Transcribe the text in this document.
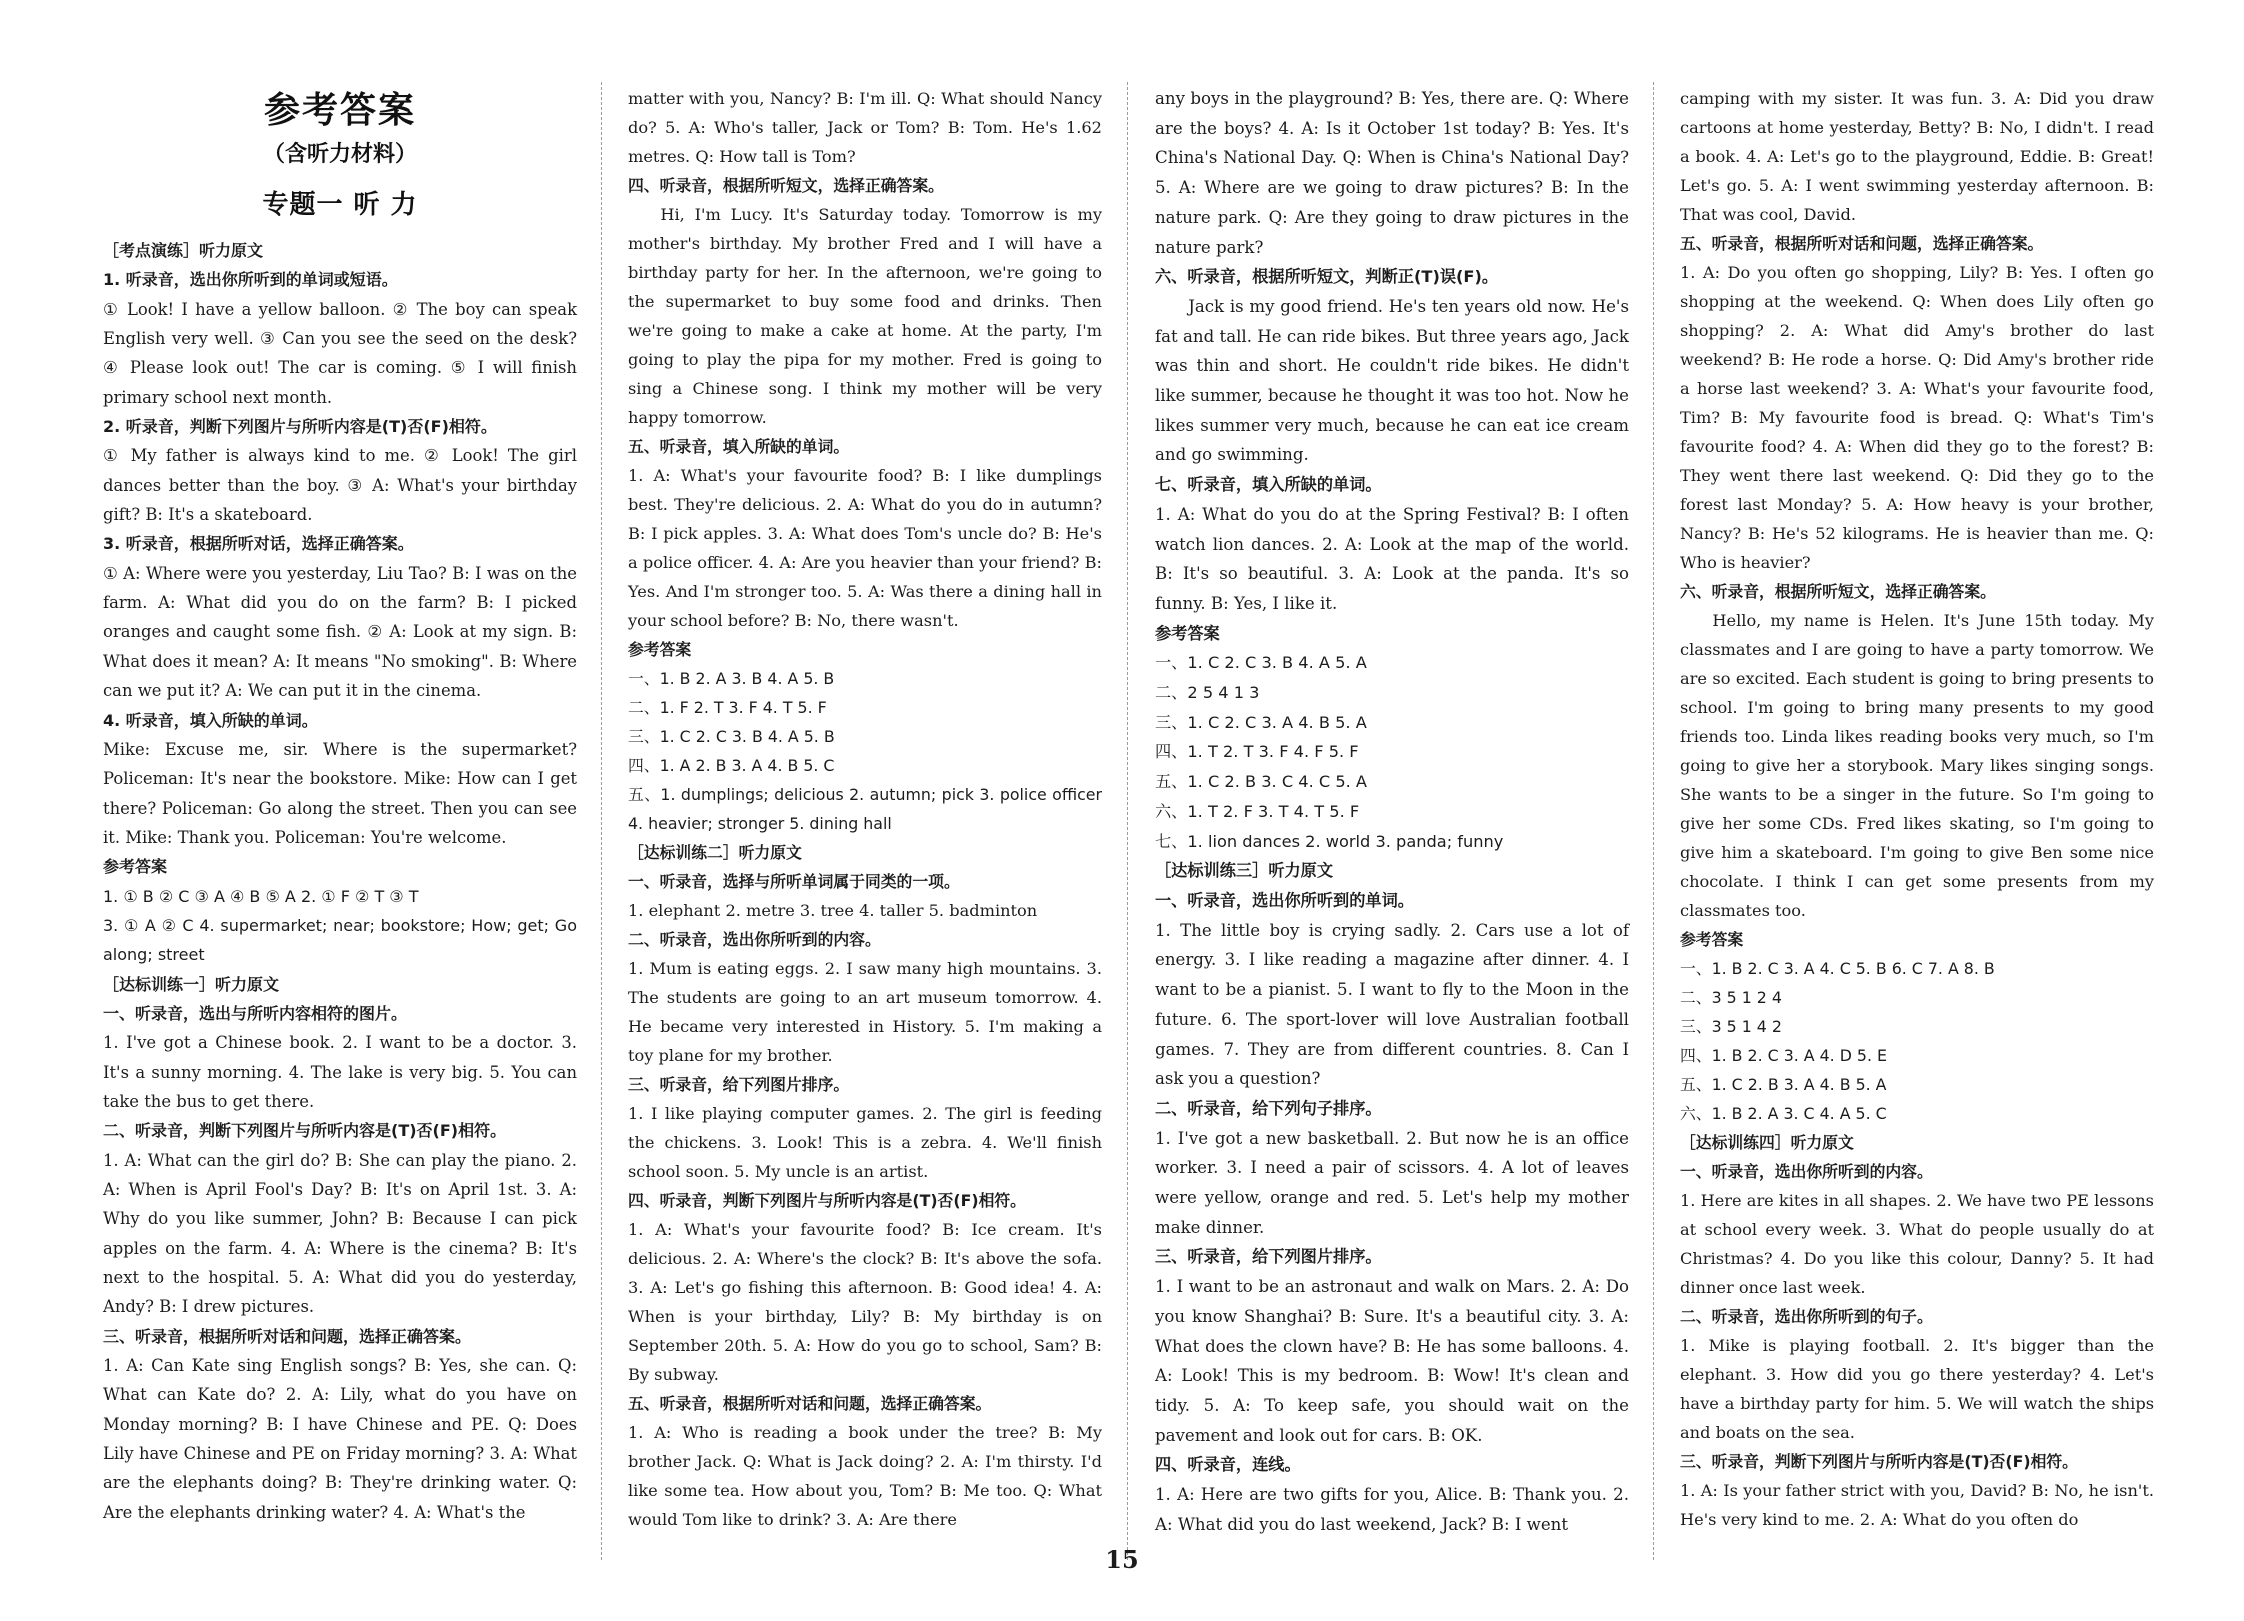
参考答案
（含听力材料）
专题一 听 力

［考点演练］听力原文

1. 听录音，选出你所听到的单词或短语。

① Look! I have a yellow balloon. ② The boy can speak English very well. ③ Can you see the seed on the desk? ④ Please look out! The car is coming. ⑤ I will finish primary school next month.

2. 听录音，判断下列图片与所听内容是(T)否(F)相符。

① My father is always kind to me. ② Look! The girl dances better than the boy. ③ A: What's your birthday gift? B: It's a skateboard.

3. 听录音，根据所听对话，选择正确答案。

① A: Where were you yesterday, Liu Tao? B: I was on the farm. A: What did you do on the farm? B: I picked oranges and caught some fish. ② A: Look at my sign. B: What does it mean? A: It means "No smoking". B: Where can we put it? A: We can put it in the cinema.

4. 听录音，填入所缺的单词。

Mike: Excuse me, sir. Where is the supermarket? Policeman: It's near the bookstore. Mike: How can I get there? Policeman: Go along the street. Then you can see it. Mike: Thank you. Policeman: You're welcome.

参考答案

1. ① B ② C ③ A ④ B ⑤ A 2. ① F ② T ③ T

3. ① A ② C 4. supermarket; near; bookstore; How; get; Go along; street

［达标训练一］听力原文

一、听录音，选出与所听内容相符的图片。

1. I've got a Chinese book. 2. I want to be a doctor. 3. It's a sunny morning. 4. The lake is very big. 5. You can take the bus to get there.

二、听录音，判断下列图片与所听内容是(T)否(F)相符。

1. A: What can the girl do? B: She can play the piano. 2. A: When is April Fool's Day? B: It's on April 1st. 3. A: Why do you like summer, John? B: Because I can pick apples on the farm. 4. A: Where is the cinema? B: It's next to the hospital. 5. A: What did you do yesterday, Andy? B: I drew pictures.

三、听录音，根据所听对话和问题，选择正确答案。

1. A: Can Kate sing English songs? B: Yes, she can. Q: What can Kate do? 2. A: Lily, what do you have on Monday morning? B: I have Chinese and PE. Q: Does Lily have Chinese and PE on Friday morning? 3. A: What are the elephants doing? B: They're drinking water. Q: Are the elephants drinking water? 4. A: What's the

matter with you, Nancy? B: I'm ill. Q: What should Nancy do? 5. A: Who's taller, Jack or Tom? B: Tom. He's 1.62 metres. Q: How tall is Tom?

四、听录音，根据所听短文，选择正确答案。

Hi, I'm Lucy. It's Saturday today. Tomorrow is my mother's birthday. My brother Fred and I will have a birthday party for her. In the afternoon, we're going to the supermarket to buy some food and drinks. Then we're going to make a cake at home. At the party, I'm going to play the pipa for my mother. Fred is going to sing a Chinese song. I think my mother will be very happy tomorrow.

五、听录音，填入所缺的单词。

1. A: What's your favourite food? B: I like dumplings best. They're delicious. 2. A: What do you do in autumn? B: I pick apples. 3. A: What does Tom's uncle do? B: He's a police officer. 4. A: Are you heavier than your friend? B: Yes. And I'm stronger too. 5. A: Was there a dining hall in your school before? B: No, there wasn't.

参考答案

一、1. B 2. A 3. B 4. A 5. B

二、1. F 2. T 3. F 4. T 5. F

三、1. C 2. C 3. B 4. A 5. B

四、1. A 2. B 3. A 4. B 5. C

五、1. dumplings; delicious 2. autumn; pick 3. police officer 4. heavier; stronger 5. dining hall

［达标训练二］听力原文

一、听录音，选择与所听单词属于同类的一项。

1. elephant 2. metre 3. tree 4. taller 5. badminton

二、听录音，选出你所听到的内容。

1. Mum is eating eggs. 2. I saw many high mountains. 3. The students are going to an art museum tomorrow. 4. He became very interested in History. 5. I'm making a toy plane for my brother.

三、听录音，给下列图片排序。

1. I like playing computer games. 2. The girl is feeding the chickens. 3. Look! This is a zebra. 4. We'll finish school soon. 5. My uncle is an artist.

四、听录音，判断下列图片与所听内容是(T)否(F)相符。

1. A: What's your favourite food? B: Ice cream. It's delicious. 2. A: Where's the clock? B: It's above the sofa. 3. A: Let's go fishing this afternoon. B: Good idea! 4. A: When is your birthday, Lily? B: My birthday is on September 20th. 5. A: How do you go to school, Sam? B: By subway.

五、听录音，根据所听对话和问题，选择正确答案。

1. A: Who is reading a book under the tree? B: My brother Jack. Q: What is Jack doing? 2. A: I'm thirsty. I'd like some tea. How about you, Tom? B: Me too. Q: What would Tom like to drink? 3. A: Are there

any boys in the playground? B: Yes, there are. Q: Where are the boys? 4. A: Is it October 1st today? B: Yes. It's China's National Day. Q: When is China's National Day? 5. A: Where are we going to draw pictures? B: In the nature park. Q: Are they going to draw pictures in the nature park?

六、听录音，根据所听短文，判断正(T)误(F)。

Jack is my good friend. He's ten years old now. He's fat and tall. He can ride bikes. But three years ago, Jack was thin and short. He couldn't ride bikes. He didn't like summer, because he thought it was too hot. Now he likes summer very much, because he can eat ice cream and go swimming.

七、听录音，填入所缺的单词。

1. A: What do you do at the Spring Festival? B: I often watch lion dances. 2. A: Look at the map of the world. B: It's so beautiful. 3. A: Look at the panda. It's so funny. B: Yes, I like it.

参考答案

一、1. C 2. C 3. B 4. A 5. A

二、2 5 4 1 3

三、1. C 2. C 3. A 4. B 5. A

四、1. T 2. T 3. F 4. F 5. F

五、1. C 2. B 3. C 4. C 5. A

六、1. T 2. F 3. T 4. T 5. F

七、1. lion dances 2. world 3. panda; funny

［达标训练三］听力原文

一、听录音，选出你所听到的单词。

1. The little boy is crying sadly. 2. Cars use a lot of energy. 3. I like reading a magazine after dinner. 4. I want to be a pianist. 5. I want to fly to the Moon in the future. 6. The sport-lover will love Australian football games. 7. They are from different countries. 8. Can I ask you a question?

二、听录音，给下列句子排序。

1. I've got a new basketball. 2. But now he is an office worker. 3. I need a pair of scissors. 4. A lot of leaves were yellow, orange and red. 5. Let's help my mother make dinner.

三、听录音，给下列图片排序。

1. I want to be an astronaut and walk on Mars. 2. A: Do you know Shanghai? B: Sure. It's a beautiful city. 3. A: What does the clown have? B: He has some balloons. 4. A: Look! This is my bedroom. B: Wow! It's clean and tidy. 5. A: To keep safe, you should wait on the pavement and look out for cars. B: OK.

四、听录音，连线。

1. A: Here are two gifts for you, Alice. B: Thank you. 2. A: What did you do last weekend, Jack? B: I went

camping with my sister. It was fun. 3. A: Did you draw cartoons at home yesterday, Betty? B: No, I didn't. I read a book. 4. A: Let's go to the playground, Eddie. B: Great! Let's go. 5. A: I went swimming yesterday afternoon. B: That was cool, David.

五、听录音，根据所听对话和问题，选择正确答案。

1. A: Do you often go shopping, Lily? B: Yes. I often go shopping at the weekend. Q: When does Lily often go shopping? 2. A: What did Amy's brother do last weekend? B: He rode a horse. Q: Did Amy's brother ride a horse last weekend? 3. A: What's your favourite food, Tim? B: My favourite food is bread. Q: What's Tim's favourite food? 4. A: When did they go to the forest? B: They went there last weekend. Q: Did they go to the forest last Monday? 5. A: How heavy is your brother, Nancy? B: He's 52 kilograms. He is heavier than me. Q: Who is heavier?

六、听录音，根据所听短文，选择正确答案。

Hello, my name is Helen. It's June 15th today. My classmates and I are going to have a party tomorrow. We are so excited. Each student is going to bring presents to school. I'm going to bring many presents to my good friends too. Linda likes reading books very much, so I'm going to give her a storybook. Mary likes singing songs. She wants to be a singer in the future. So I'm going to give her some CDs. Fred likes skating, so I'm going to give him a skateboard. I'm going to give Ben some nice chocolate. I think I can get some presents from my classmates too.

参考答案

一、1. B 2. C 3. A 4. C 5. B 6. C 7. A 8. B

二、3 5 1 2 4

三、3 5 1 4 2

四、1. B 2. C 3. A 4. D 5. E

五、1. C 2. B 3. A 4. B 5. A

六、1. B 2. A 3. C 4. A 5. C

［达标训练四］听力原文

一、听录音，选出你所听到的内容。

1. Here are kites in all shapes. 2. We have two PE lessons at school every week. 3. What do people usually do at Christmas? 4. Do you like this colour, Danny? 5. It had dinner once last week.

二、听录音，选出你所听到的句子。

1. Mike is playing football. 2. It's bigger than the elephant. 3. How did you go there yesterday? 4. Let's have a birthday party for him. 5. We will watch the ships and boats on the sea.

三、听录音，判断下列图片与所听内容是(T)否(F)相符。

1. A: Is your father strict with you, David? B: No, he isn't. He's very kind to me. 2. A: What do you often do

15
